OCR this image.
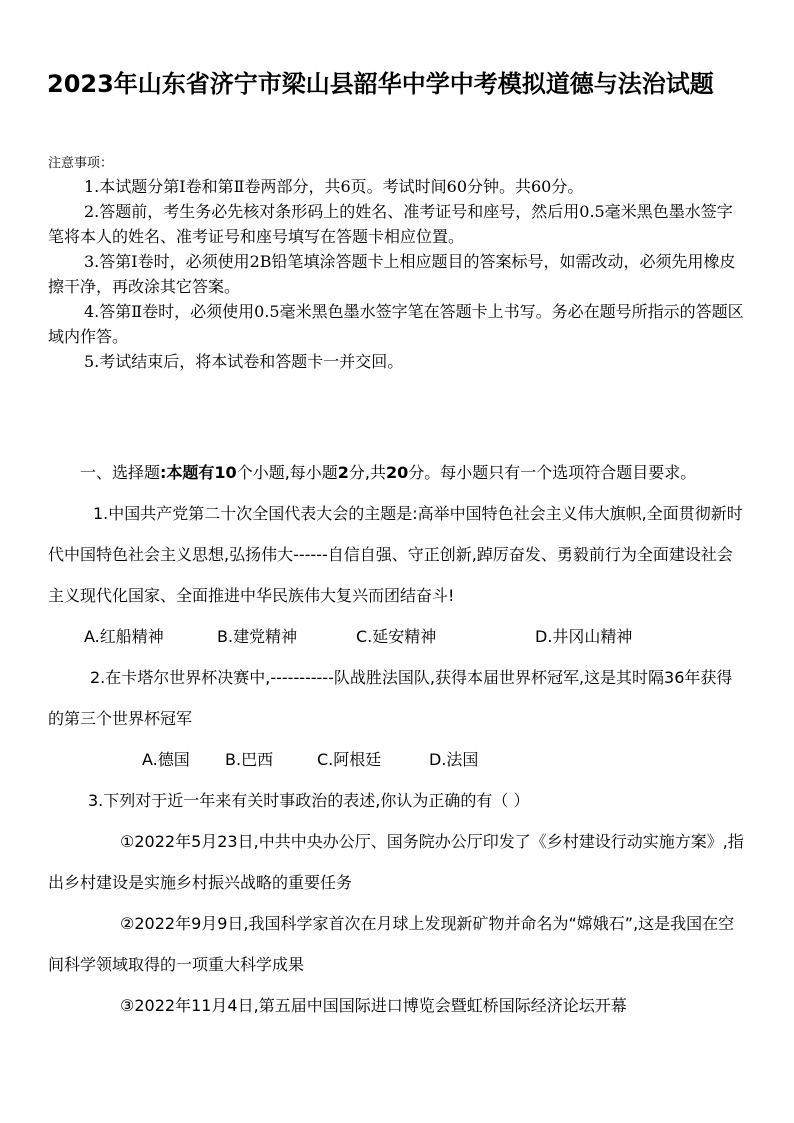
2023年山东省济宁市梁山县韶华中学中考模拟道德与法治试题
注意事项：

1.本试题分第Ⅰ卷和第Ⅱ卷两部分，共6页。考试时间60分钟。共60分。

2.答题前，考生务必先核对条形码上的姓名、准考证号和座号，然后用0.5毫米黑色墨水签字笔将本人的姓名、准考证号和座号填写在答题卡相应位置。

3.答第Ⅰ卷时，必须使用2B铅笔填涂答题卡上相应题目的答案标号，如需改动，必须先用橡皮擦干净，再改涂其它答案。

4.答第Ⅱ卷时，必须使用0.5毫米黑色墨水签字笔在答题卡上书写。务必在题号所指示的答题区域内作答。

5.考试结束后，将本试卷和答题卡一并交回。

一、选择题:本题有10个小题,每小题2分,共20分。每小题只有一个选项符合题目要求。

1.中国共产党第二十次全国代表大会的主题是:高举中国特色社会主义伟大旗帜,全面贯彻新时代中国特色社会主义思想,弘扬伟大------自信自强、守正创新,踔厉奋发、勇毅前行为全面建设社会主义现代化国家、全面推进中华民族伟大复兴而团结奋斗!

A.红船精神	B.建党精神	C.延安精神	D.井冈山精神

2.在卡塔尔世界杯决赛中,-----------队战胜法国队,获得本届世界杯冠军,这是其时隔36年获得的第三个世界杯冠军

A.德国	B.巴西	C.阿根廷	D.法国

3.下列对于近一年来有关时事政治的表述,你认为正确的有（ ）

①2022年5月23日,中共中央办公厅、国务院办公厅印发了《乡村建设行动实施方案》,指出乡村建设是实施乡村振兴战略的重要任务

②2022年9月9日,我国科学家首次在月球上发现新矿物并命名为“嫦娥石”,这是我国在空间科学领域取得的一项重大科学成果

③2022年11月4日,第五届中国国际进口博览会暨虹桥国际经济论坛开幕
